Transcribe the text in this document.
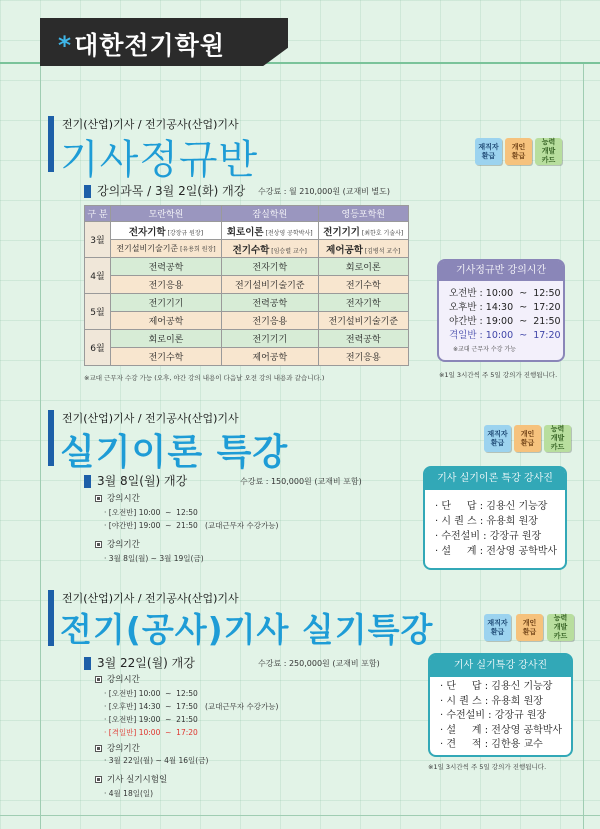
*대한전기학원
전기(산업)기사 / 전기공사(산업)기사
기사정규반	재직자
환급
개인
환급
능력
개발
카드
강의과목 / 3월 2일(화) 개강 수강료 : 월 210,000원 (교재비 별도)
구 분	모란학원	잠실학원	영등포학원
3월	전자기학 [강장규 원장]	회로이론 [전상영 공학박사]	전기기기 [최한호 기술사]
	전기설비기술기준 [유용희 원장]	전기수학 [임승렬 교수]	제어공학 [김병석 교수]
4월	전력공학	전자기학	회로이론
	전기응용	전기설비기술기준	전기수학
5월	전기기기	전력공학	전자기학
	제어공학	전기응용	전기설비기술기준
6월	회로이론	전기기기	전력공학
	전기수학	제어공학	전기응용
※교대 근무자 수강 가능 (오후, 야간 강의 내용이 다음날 오전 강의 내용과 같습니다.)
기사정규반 강의시간
오전반 : 10:00  ~  12:50
오후반 : 14:30  ~  17:20
야간반 : 19:00  ~  21:50
격일반 : 10:00  ~  17:20
※교대 근무자 수강 가능
※1일 3시간씩 주 5일 강의가 진행됩니다.
전기(산업)기사 / 전기공사(산업)기사
실기이론 특강	재직자
환급
개인
환급
능력
개발
카드
3월 8일(월) 개강	수강료 : 150,000원 (교재비 포함)
강의시간
· [오전반] 10:00  ~  12:50
· [야간반] 19:00  ~  21:50   (교대근무자 수강가능)
강의기간
· 3월 8일(월) ~ 3월 19일(금)
기사 실기이론 특강 강사진
· 단     답 : 김용신 기능장
· 시 퀀 스 : 유용희 원장
· 수전설비 : 강장규 원장
· 설     계 : 전상영 공학박사
전기(산업)기사 / 전기공사(산업)기사
전기(공사)기사 실기특강	재직자
환급
개인
환급
능력
개발
카드
3월 22일(월) 개강	수강료 : 250,000원 (교재비 포함)
강의시간
· [오전반] 10:00  ~  12:50
· [오후반] 14:30  ~  17:50   (교대근무자 수강가능)
· [오전반] 19:00  ~  21:50
· [격일반] 10:00  ~  17:20
강의기간
· 3월 22일(월) ~ 4월 16일(금)
기사 실기시험일
· 4월 18일(일)
기사 실기특강 강사진
· 단     답 : 김용신 기능장
· 시 퀀 스 : 유용희 원장
· 수전설비 : 강장규 원장
· 설     계 : 전상영 공학박사
· 견     적 : 김한용 교수
※1일 3시간씩 주 5일 강의가 진행됩니다.
